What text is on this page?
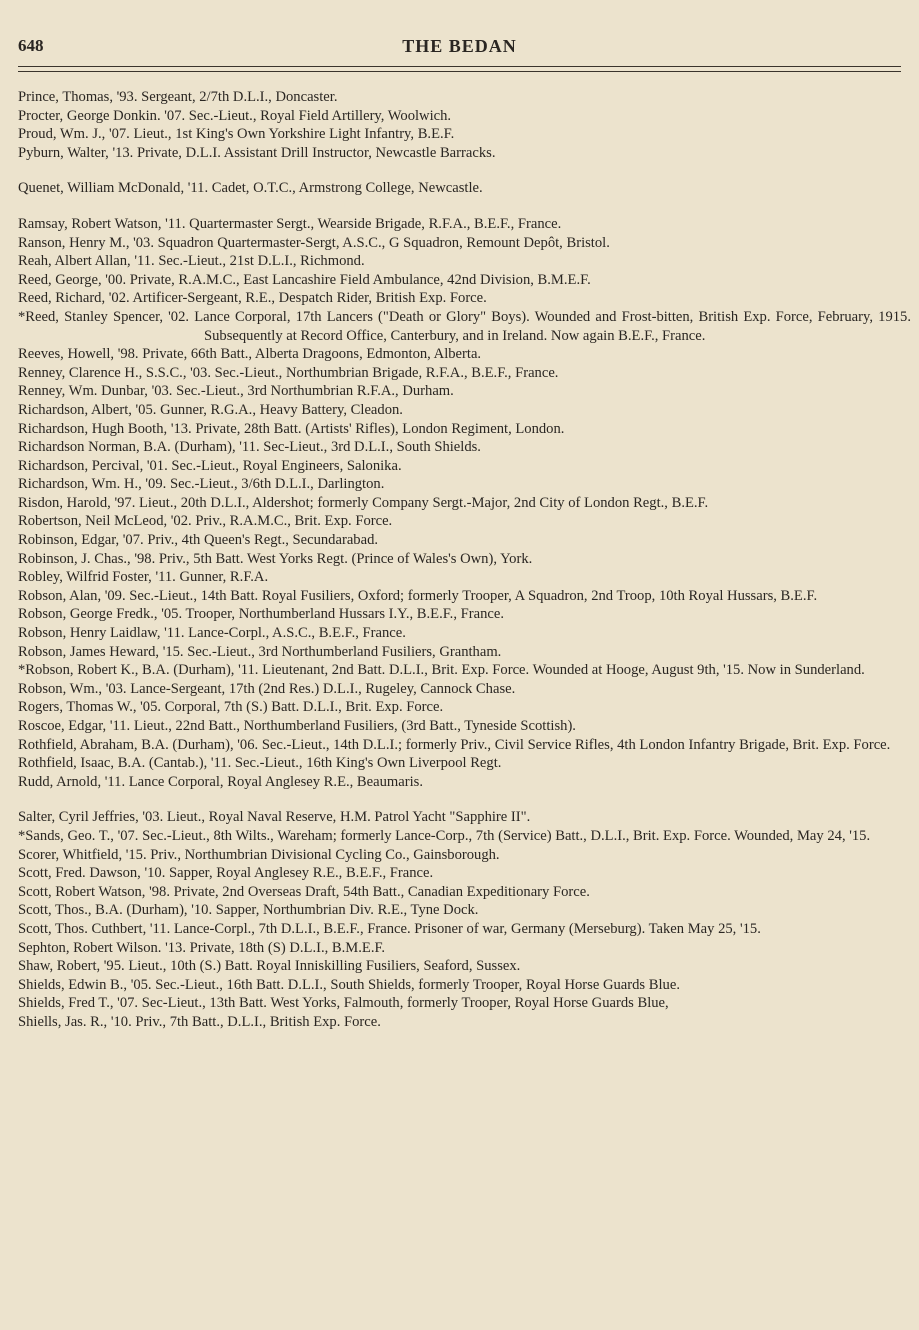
648	THE BEDAN
Prince, Thomas, '93. Sergeant, 2/7th D.L.I., Doncaster.
Procter, George Donkin. '07. Sec.-Lieut., Royal Field Artillery, Woolwich.
Proud, Wm. J., '07. Lieut., 1st King's Own Yorkshire Light Infantry, B.E.F.
Pyburn, Walter, '13. Private, D.L.I. Assistant Drill Instructor, Newcastle Barracks.
Quenet, William McDonald, '11. Cadet, O.T.C., Armstrong College, Newcastle.
Ramsay, Robert Watson, '11. Quartermaster Sergt., Wearside Brigade, R.F.A., B.E.F., France.
Ranson, Henry M., '03. Squadron Quartermaster-Sergt, A.S.C., G Squadron, Remount Depôt, Bristol.
Reah, Albert Allan, '11. Sec.-Lieut., 21st D.L.I., Richmond.
Reed, George, '00. Private, R.A.M.C., East Lancashire Field Ambulance, 42nd Division, B.M.E.F.
Reed, Richard, '02. Artificer-Sergeant, R.E., Despatch Rider, British Exp. Force.
*Reed, Stanley Spencer, '02. Lance Corporal, 17th Lancers ("Death or Glory" Boys). Wounded and Frost-bitten, British Exp. Force, February, 1915. Subsequently at Record Office, Canterbury, and in Ireland. Now again B.E.F., France.
Reeves, Howell, '98. Private, 66th Batt., Alberta Dragoons, Edmonton, Alberta.
Renney, Clarence H., S.S.C., '03. Sec.-Lieut., Northumbrian Brigade, R.F.A., B.E.F., France.
Renney, Wm. Dunbar, '03. Sec.-Lieut., 3rd Northumbrian R.F.A., Durham.
Richardson, Albert, '05. Gunner, R.G.A., Heavy Battery, Cleadon.
Richardson, Hugh Booth, '13. Private, 28th Batt. (Artists' Rifles), London Regiment, London.
Richardson Norman, B.A. (Durham), '11. Sec-Lieut., 3rd D.L.I., South Shields.
Richardson, Percival, '01. Sec.-Lieut., Royal Engineers, Salonika.
Richardson, Wm. H., '09. Sec.-Lieut., 3/6th D.L.I., Darlington.
Risdon, Harold, '97. Lieut., 20th D.L.I., Aldershot; formerly Company Sergt.-Major, 2nd City of London Regt., B.E.F.
Robertson, Neil McLeod, '02. Priv., R.A.M.C., Brit. Exp. Force.
Robinson, Edgar, '07. Priv., 4th Queen's Regt., Secundarabad.
Robinson, J. Chas., '98. Priv., 5th Batt. West Yorks Regt. (Prince of Wales's Own), York.
Robley, Wilfrid Foster, '11. Gunner, R.F.A.
Robson, Alan, '09. Sec.-Lieut., 14th Batt. Royal Fusiliers, Oxford; formerly Trooper, A Squadron, 2nd Troop, 10th Royal Hussars, B.E.F.
Robson, George Fredk., '05. Trooper, Northumberland Hussars I.Y., B.E.F., France.
Robson, Henry Laidlaw, '11. Lance-Corpl., A.S.C., B.E.F., France.
Robson, James Heward, '15. Sec.-Lieut., 3rd Northumberland Fusiliers, Grantham.
*Robson, Robert K., B.A. (Durham), '11. Lieutenant, 2nd Batt. D.L.I., Brit. Exp. Force. Wounded at Hooge, August 9th, '15. Now in Sunderland.
Robson, Wm., '03. Lance-Sergeant, 17th (2nd Res.) D.L.I., Rugeley, Cannock Chase.
Rogers, Thomas W., '05. Corporal, 7th (S.) Batt. D.L.I., Brit. Exp. Force.
Roscoe, Edgar, '11. Lieut., 22nd Batt., Northumberland Fusiliers, (3rd Batt., Tyneside Scottish).
Rothfield, Abraham, B.A. (Durham), '06. Sec.-Lieut., 14th D.L.I.; formerly Priv., Civil Service Rifles, 4th London Infantry Brigade, Brit. Exp. Force.
Rothfield, Isaac, B.A. (Cantab.), '11. Sec.-Lieut., 16th King's Own Liverpool Regt.
Rudd, Arnold, '11. Lance Corporal, Royal Anglesey R.E., Beaumaris.
Salter, Cyril Jeffries, '03. Lieut., Royal Naval Reserve, H.M. Patrol Yacht "Sapphire II".
*Sands, Geo. T., '07. Sec.-Lieut., 8th Wilts., Wareham; formerly Lance-Corp., 7th (Service) Batt., D.L.I., Brit. Exp. Force. Wounded, May 24, '15.
Scorer, Whitfield, '15. Priv., Northumbrian Divisional Cycling Co., Gainsborough.
Scott, Fred. Dawson, '10. Sapper, Royal Anglesey R.E., B.E.F., France.
Scott, Robert Watson, '98. Private, 2nd Overseas Draft, 54th Batt., Canadian Expeditionary Force.
Scott, Thos., B.A. (Durham), '10. Sapper, Northumbrian Div. R.E., Tyne Dock.
Scott, Thos. Cuthbert, '11. Lance-Corpl., 7th D.L.I., B.E.F., France. Prisoner of war, Germany (Merseburg). Taken May 25, '15.
Sephton, Robert Wilson. '13. Private, 18th (S) D.L.I., B.M.E.F.
Shaw, Robert, '95. Lieut., 10th (S.) Batt. Royal Inniskilling Fusiliers, Seaford, Sussex.
Shields, Edwin B., '05. Sec.-Lieut., 16th Batt. D.L.I., South Shields, formerly Trooper, Royal Horse Guards Blue.
Shields, Fred T., '07. Sec-Lieut., 13th Batt. West Yorks, Falmouth, formerly Trooper, Royal Horse Guards Blue,
Shiells, Jas. R., '10. Priv., 7th Batt., D.L.I., British Exp. Force.
